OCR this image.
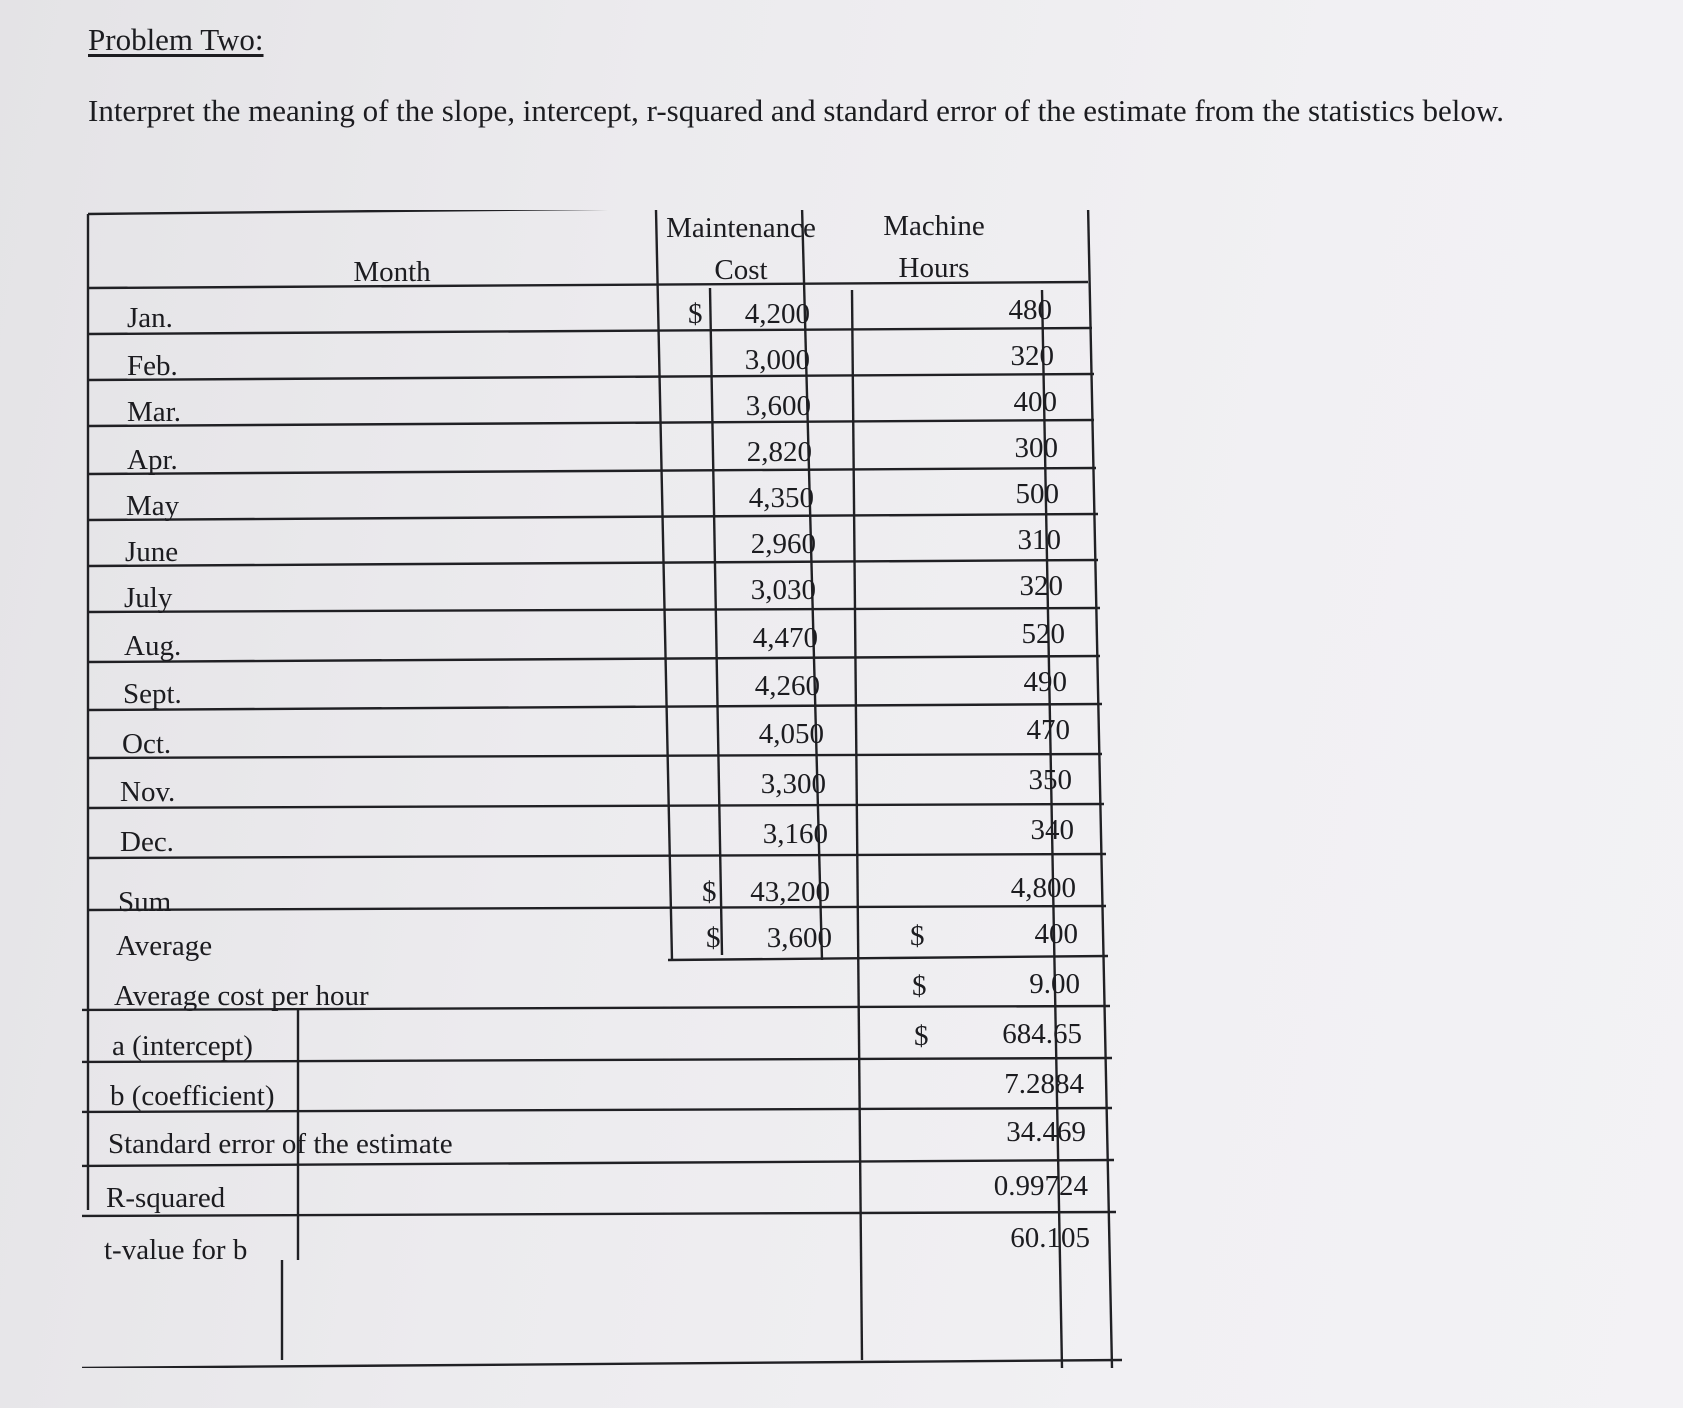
Problem Two:
Interpret the meaning of the slope, intercept, r-squared and standard error of the estimate from the statistics below.
Month
Maintenance
Cost
Machine
Hours
Jan.	$	4,200	480
Feb.	3,000	320
Mar.	3,600	400
Apr.	2,820	300
May	4,350	500
June	2,960	310
July	3,030	320
Aug.	4,470	520
Sept.	4,260	490
Oct.	4,050	470
Nov.	3,300	350
Dec.	3,160	340
Sum	$	43,200	4,800
Average	$	3,600	$	400
Average cost per hour	$	9.00
a (intercept)	$	684.65
b (coefficient)	7.2884
Standard error of the estimate	34.469
R-squared	0.99724
t-value for b	60.105
